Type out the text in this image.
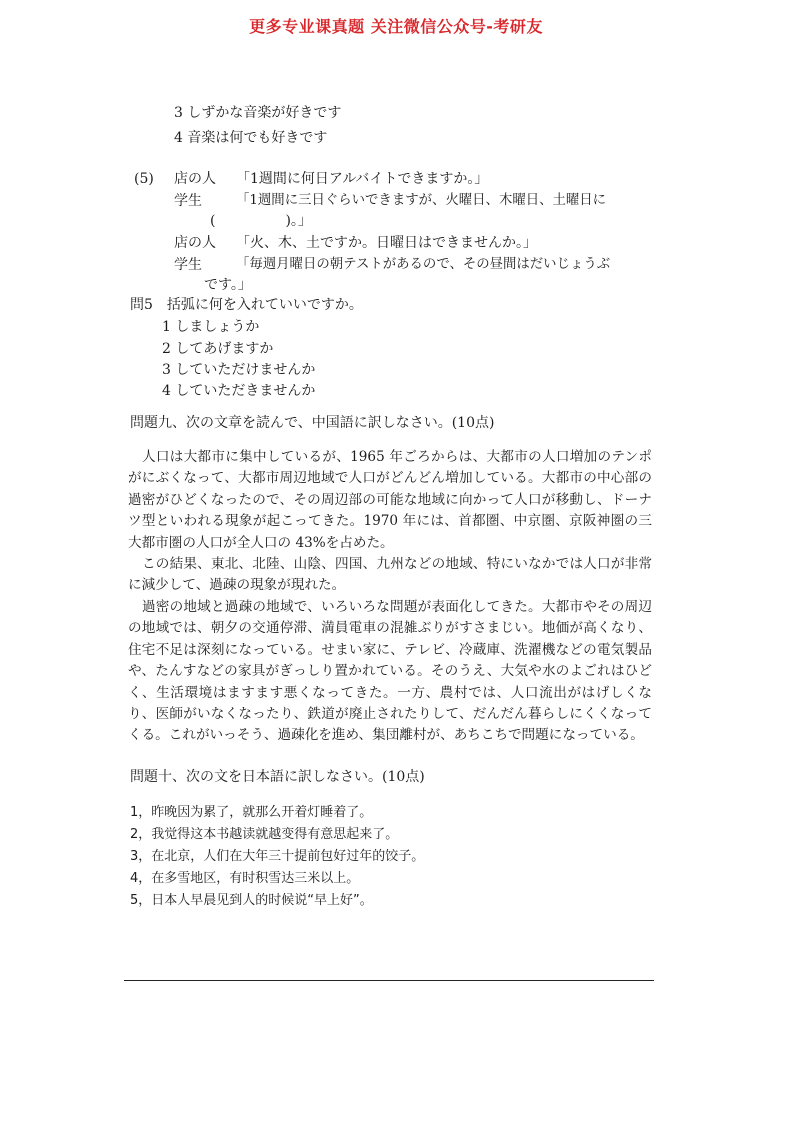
更多专业课真题 关注微信公众号-考研友
3 しずかな音楽が好きです
4 音楽は何でも好きです
(5) 店の人 「1週間に何日アルバイトできますか。」
学生	「1週間に三日ぐらいできますが、火曜日、木曜日、土曜日に
(　　　　　)。」
店の人 「火、木、土ですか。日曜日はできませんか。」
学生	「毎週月曜日の朝テストがあるので、その昼間はだいじょうぶ
です。」
問5　括弧に何を入れていいですか。
1 しましょうか
2 してあげますか
3 していただけませんか
4 していただきませんか
問題九、次の文章を読んで、中国語に訳しなさい。(10点)

人口は大都市に集中しているが、1965 年ごろからは、大都市の人口増加のテンポがにぶくなって、大都市周辺地域で人口がどんどん増加している。大都市の中心部の過密がひどくなったので、その周辺部の可能な地域に向かって人口が移動し、ドーナツ型といわれる現象が起こってきた。1970 年には、首都圏、中京圏、京阪神圏の三大都市圏の人口が全人口の 43%を占めた。

この結果、東北、北陸、山陰、四国、九州などの地域、特にいなかでは人口が非常に減少して、過疎の現象が現れた。

過密の地域と過疎の地域で、いろいろな問題が表面化してきた。大都市やその周辺の地域では、朝夕の交通停滞、満員電車の混雑ぶりがすさまじい。地価が高くなり、住宅不足は深刻になっている。せまい家に、テレビ、冷蔵庫、洗濯機などの電気製品や、たんすなどの家具がぎっしり置かれている。そのうえ、大気や水のよごれはひどく、生活環境はますます悪くなってきた。一方、農村では、人口流出がはげしくなり、医師がいなくなったり、鉄道が廃止されたりして、だんだん暮らしにくくなってくる。これがいっそう、過疎化を進め、集団離村が、あちこちで問題になっている。

問題十、次の文を日本語に訳しなさい。(10点)
1，昨晚因为累了，就那么开着灯睡着了。
2，我觉得这本书越读就越变得有意思起来了。
3，在北京，人们在大年三十提前包好过年的饺子。
4，在多雪地区，有时积雪达三米以上。
5，日本人早晨见到人的时候说“早上好”。
